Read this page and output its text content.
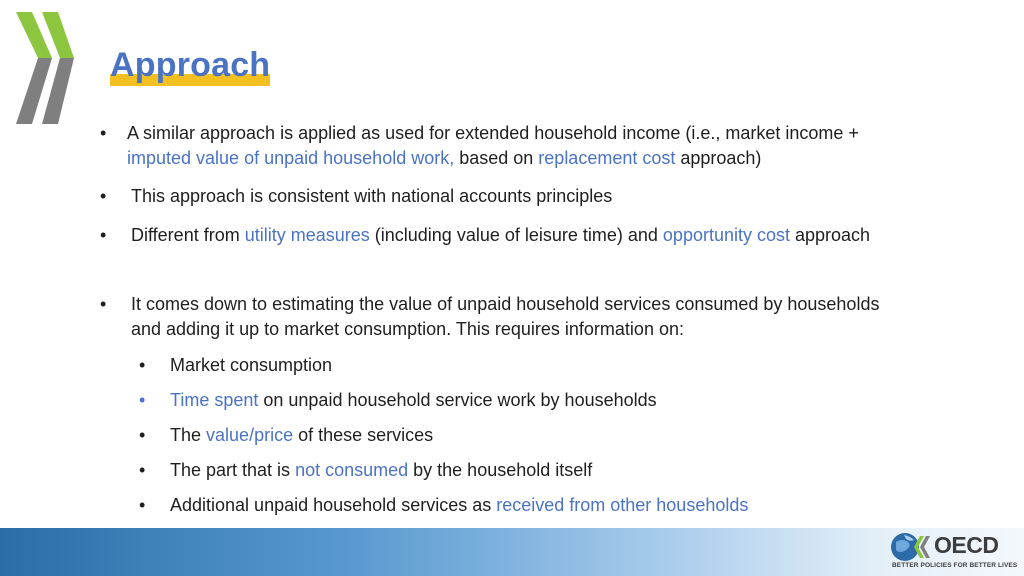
Approach
•	A similar approach is applied as used for extended household income (i.e., market income +
imputed value of unpaid household work, based on replacement cost approach)
•	This approach is consistent with national accounts principles
•	Different from utility measures (including value of leisure time) and opportunity cost approach
•	It comes down to estimating the value of unpaid household services consumed by households
and adding it up to market consumption. This requires information on:
•	Market consumption
•	Time spent on unpaid household service work by households
•	The value/price of these services
•	The part that is not consumed by the household itself
•	Additional unpaid household services as received from other households
OECD
BETTER POLICIES FOR BETTER LIVES
